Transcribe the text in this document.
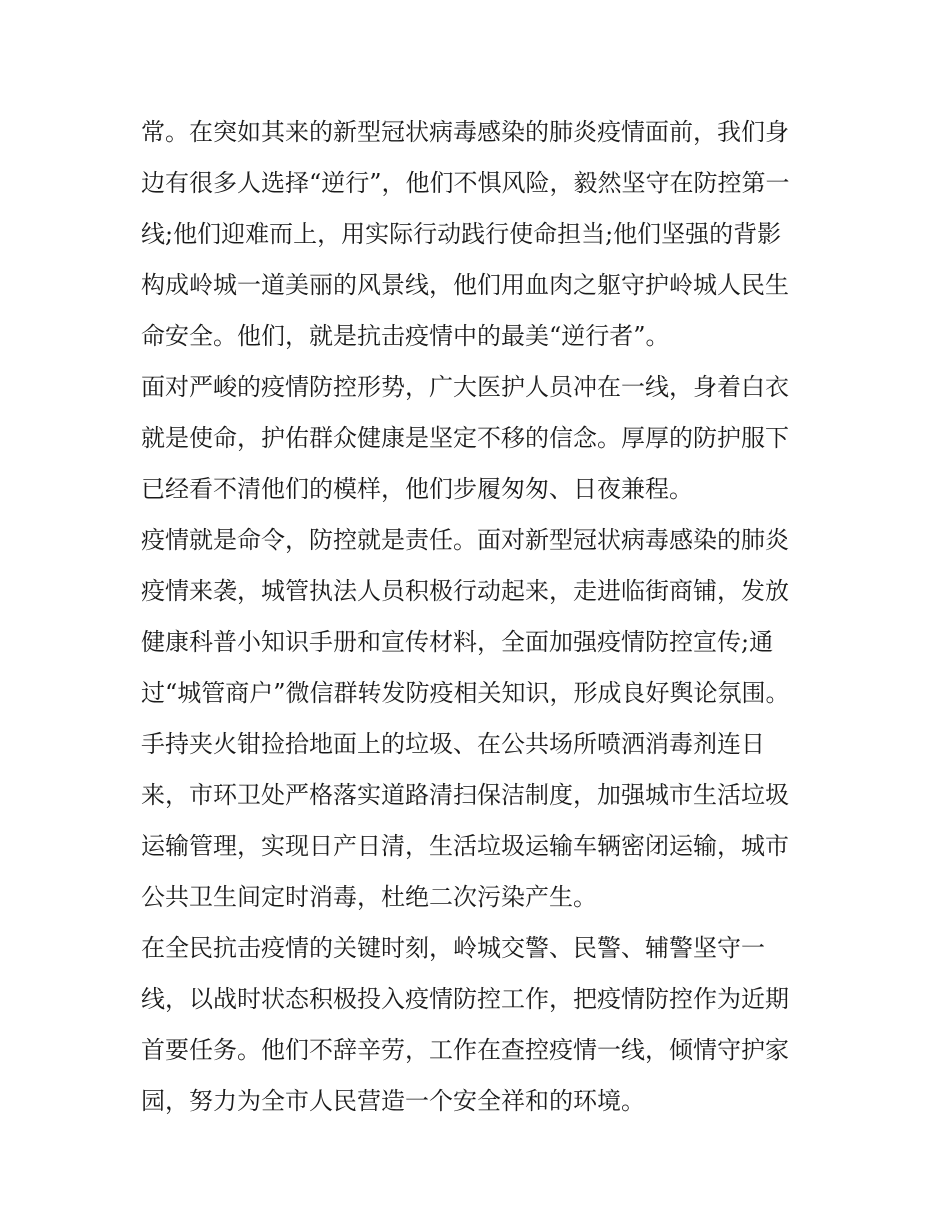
常。在突如其来的新型冠状病毒感染的肺炎疫情面前，我们身
边有很多人选择“逆行”，他们不惧风险，毅然坚守在防控第一
线;他们迎难而上，用实际行动践行使命担当;他们坚强的背影
构成岭城一道美丽的风景线，他们用血肉之躯守护岭城人民生
命安全。他们，就是抗击疫情中的最美“逆行者”。
面对严峻的疫情防控形势，广大医护人员冲在一线，身着白衣
就是使命，护佑群众健康是坚定不移的信念。厚厚的防护服下
已经看不清他们的模样，他们步履匆匆、日夜兼程。
疫情就是命令，防控就是责任。面对新型冠状病毒感染的肺炎
疫情来袭，城管执法人员积极行动起来，走进临街商铺，发放
健康科普小知识手册和宣传材料，全面加强疫情防控宣传;通
过“城管商户”微信群转发防疫相关知识，形成良好舆论氛围。
手持夹火钳捡拾地面上的垃圾、在公共场所喷洒消毒剂连日
来，市环卫处严格落实道路清扫保洁制度，加强城市生活垃圾
运输管理，实现日产日清，生活垃圾运输车辆密闭运输，城市
公共卫生间定时消毒，杜绝二次污染产生。
在全民抗击疫情的关键时刻，岭城交警、民警、辅警坚守一
线，以战时状态积极投入疫情防控工作，把疫情防控作为近期
首要任务。他们不辞辛劳，工作在查控疫情一线，倾情守护家
园，努力为全市人民营造一个安全祥和的环境。
